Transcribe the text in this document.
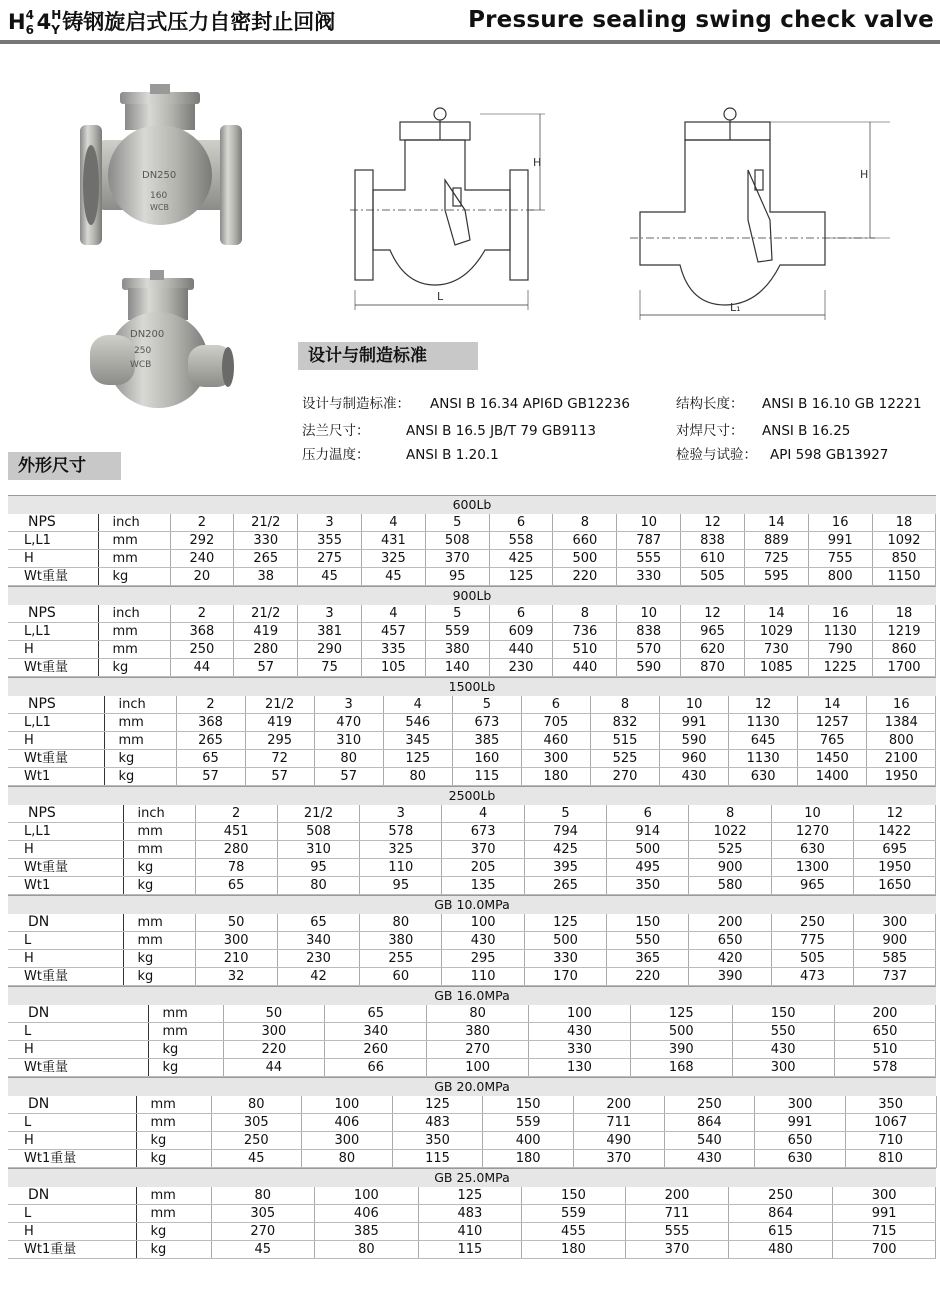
H 4
6 4 H
Y 铸钢旋启式压力自密封止回阀	Pressure sealing swing check valve
DN250
160
WCB
DN200
250
WCB
H
L
H
L₁
设计与制造标准
设计与制造标准： ANSI B 16.34 API6D GB12236	结构长度： ANSI B 16.10 GB 12221
法兰尺寸：	ANSI B 16.5 JB/T 79 GB9113	对焊尺寸： ANSI B 16.25
压力温度：	ANSI B 1.20.1	检验与试验： API 598 GB13927
外形尺寸
600Lb
NPS	inch	2	21/2	3	4	5	6	8	10	12	14	16	18
L,L1	mm	292	330	355	431	508	558	660	787	838	889	991	1092
H	mm	240	265	275	325	370	425	500	555	610	725	755	850
Wt重量	kg	20	38	45	45	95	125	220	330	505	595	800	1150
900Lb
NPS	inch	2	21/2	3	4	5	6	8	10	12	14	16	18
L,L1	mm	368	419	381	457	559	609	736	838	965	1029	1130	1219
H	mm	250	280	290	335	380	440	510	570	620	730	790	860
Wt重量	kg	44	57	75	105	140	230	440	590	870	1085	1225	1700
1500Lb
NPS	inch	2	21/2	3	4	5	6	8	10	12	14	16
L,L1	mm	368	419	470	546	673	705	832	991	1130	1257	1384
H	mm	265	295	310	345	385	460	515	590	645	765	800
Wt重量	kg	65	72	80	125	160	300	525	960	1130	1450	2100
Wt1	kg	57	57	57	80	115	180	270	430	630	1400	1950
2500Lb
NPS	inch	2	21/2	3	4	5	6	8	10	12
L,L1	mm	451	508	578	673	794	914	1022	1270	1422
H	mm	280	310	325	370	425	500	525	630	695
Wt重量	kg	78	95	110	205	395	495	900	1300	1950
Wt1	kg	65	80	95	135	265	350	580	965	1650
GB 10.0MPa
DN	mm	50	65	80	100	125	150	200	250	300
L	mm	300	340	380	430	500	550	650	775	900
H	kg	210	230	255	295	330	365	420	505	585
Wt重量	kg	32	42	60	110	170	220	390	473	737
GB 16.0MPa
DN	mm	50	65	80	100	125	150	200
L	mm	300	340	380	430	500	550	650
H	kg	220	260	270	330	390	430	510
Wt重量	kg	44	66	100	130	168	300	578
GB 20.0MPa
DN	mm	80	100	125	150	200	250	300	350
L	mm	305	406	483	559	711	864	991	1067
H	kg	250	300	350	400	490	540	650	710
Wt1重量	kg	45	80	115	180	370	430	630	810
GB 25.0MPa
DN	mm	80	100	125	150	200	250	300
L	mm	305	406	483	559	711	864	991
H	kg	270	385	410	455	555	615	715
Wt1重量	kg	45	80	115	180	370	480	700
